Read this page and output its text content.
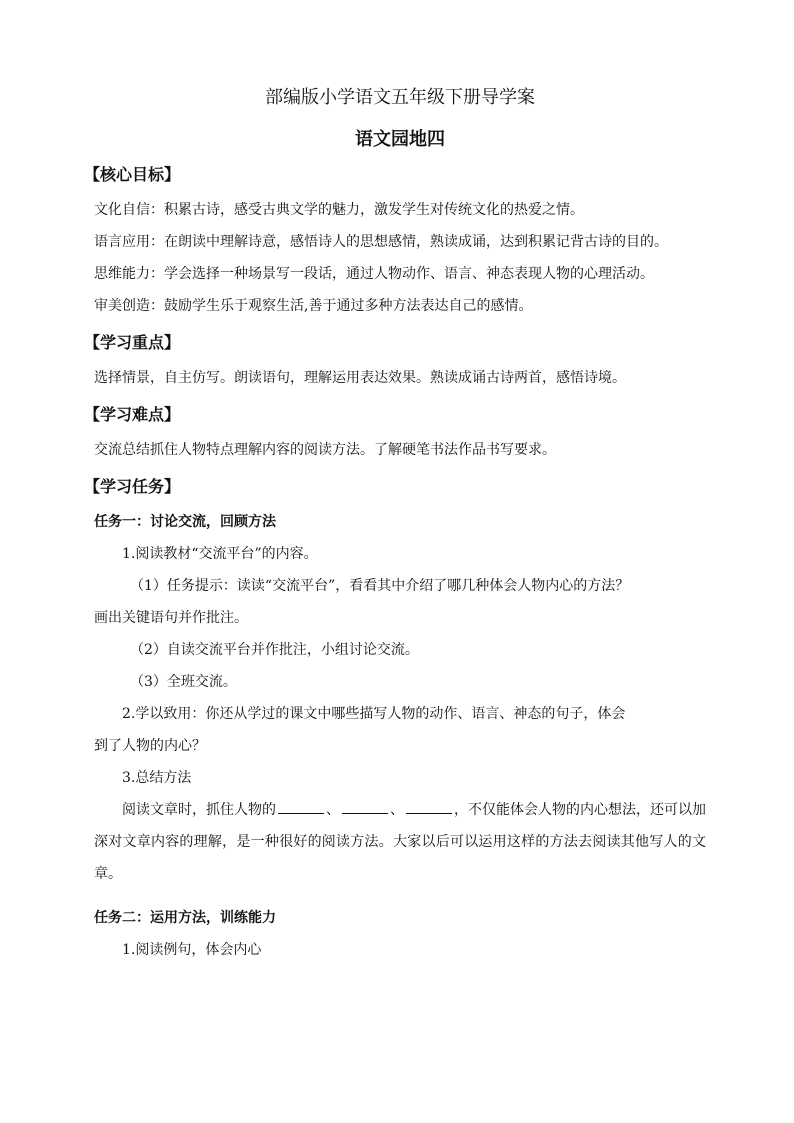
部编版小学语文五年级下册导学案

语文园地四

【核心目标】

文化自信：积累古诗，感受古典文学的魅力，激发学生对传统文化的热爱之情。

语言应用：在朗读中理解诗意，感悟诗人的思想感情，熟读成诵，达到积累记背古诗的目的。

思维能力：学会选择一种场景写一段话，通过人物动作、语言、神态表现人物的心理活动。

审美创造：鼓励学生乐于观察生活,善于通过多种方法表达自己的感情。

【学习重点】

选择情景，自主仿写。朗读语句，理解运用表达效果。熟读成诵古诗两首，感悟诗境。

【学习难点】

交流总结抓住人物特点理解内容的阅读方法。了解硬笔书法作品书写要求。

【学习任务】

任务一：讨论交流，回顾方法

1.阅读教材“交流平台”的内容。

（1）任务提示：读读“交流平台”，看看其中介绍了哪几种体会人物内心的方法？

画出关键语句并作批注。

（2）自读交流平台并作批注，小组讨论交流。

（3）全班交流。

2.学以致用：你还从学过的课文中哪些描写人物的动作、语言、神态的句子，体会

到了人物的内心？

3.总结方法

阅读文章时，抓住人物的	、	、	，不仅能体会人物的内心想法，还可以加深对文章内容的理解，是一种很好的阅读方法。大家以后可以运用这样的方法去阅读其他写人的文章。

任务二：运用方法，训练能力

1.阅读例句，体会内心
